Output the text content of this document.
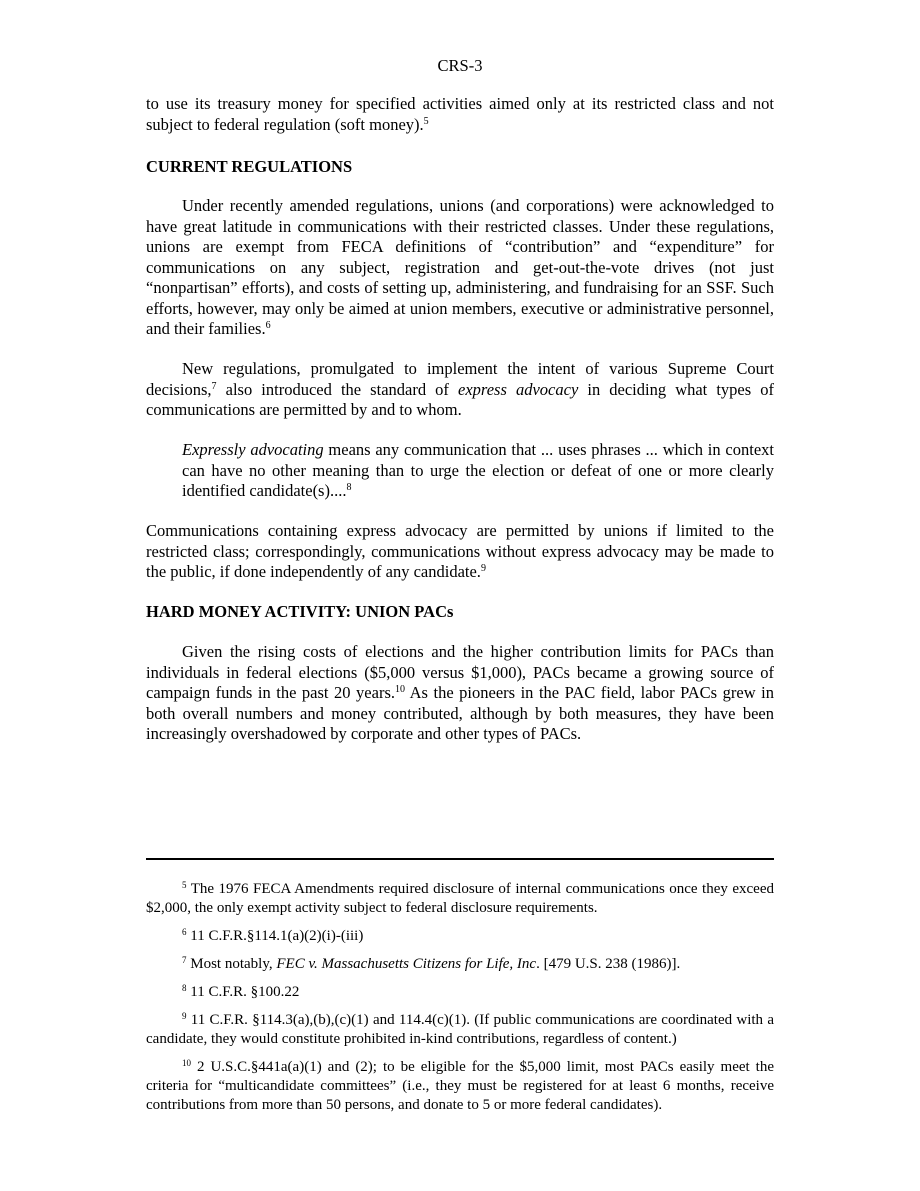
CRS-3

to use its treasury money for specified activities aimed only at its restricted class and not subject to federal regulation (soft money).$^5$

CURRENT REGULATIONS

Under recently amended regulations, unions (and corporations) were acknowledged to have great latitude in communications with their restricted classes. Under these regulations, unions are exempt from FECA definitions of “contribution” and “expenditure” for communications on any subject, registration and get-out-the-vote drives (not just “nonpartisan” efforts), and costs of setting up, administering, and fundraising for an SSF. Such efforts, however, may only be aimed at union members, executive or administrative personnel, and their families.$^6$

New regulations, promulgated to implement the intent of various Supreme Court decisions,$^7$ also introduced the standard of express advocacy in deciding what types of communications are permitted by and to whom.

Expressly advocating means any communication that ... uses phrases ... which in context can have no other meaning than to urge the election or defeat of one or more clearly identified candidate(s)....$^8$

Communications containing express advocacy are permitted by unions if limited to the restricted class; correspondingly, communications without express advocacy may be made to the public, if done independently of any candidate.$^9$

HARD MONEY ACTIVITY: UNION PACs

Given the rising costs of elections and the higher contribution limits for PACs than individuals in federal elections ($5,000 versus $1,000), PACs became a growing source of campaign funds in the past 20 years.$^{10}$ As the pioneers in the PAC field, labor PACs grew in both overall numbers and money contributed, although by both measures, they have been increasingly overshadowed by corporate and other types of PACs.

$^5$ The 1976 FECA Amendments required disclosure of internal communications once they exceed $2,000, the only exempt activity subject to federal disclosure requirements.

$^6$ 11 C.F.R.§114.1(a)(2)(i)-(iii)

$^7$ Most notably, FEC v. Massachusetts Citizens for Life, Inc. [479 U.S. 238 (1986)].

$^8$ 11 C.F.R. §100.22

$^9$ 11 C.F.R. §114.3(a),(b),(c)(1) and 114.4(c)(1). (If public communications are coordinated with a candidate, they would constitute prohibited in-kind contributions, regardless of content.)

$^{10}$ 2 U.S.C.§441a(a)(1) and (2); to be eligible for the $5,000 limit, most PACs easily meet the criteria for “multicandidate committees” (i.e., they must be registered for at least 6 months, receive contributions from more than 50 persons, and donate to 5 or more federal candidates).
